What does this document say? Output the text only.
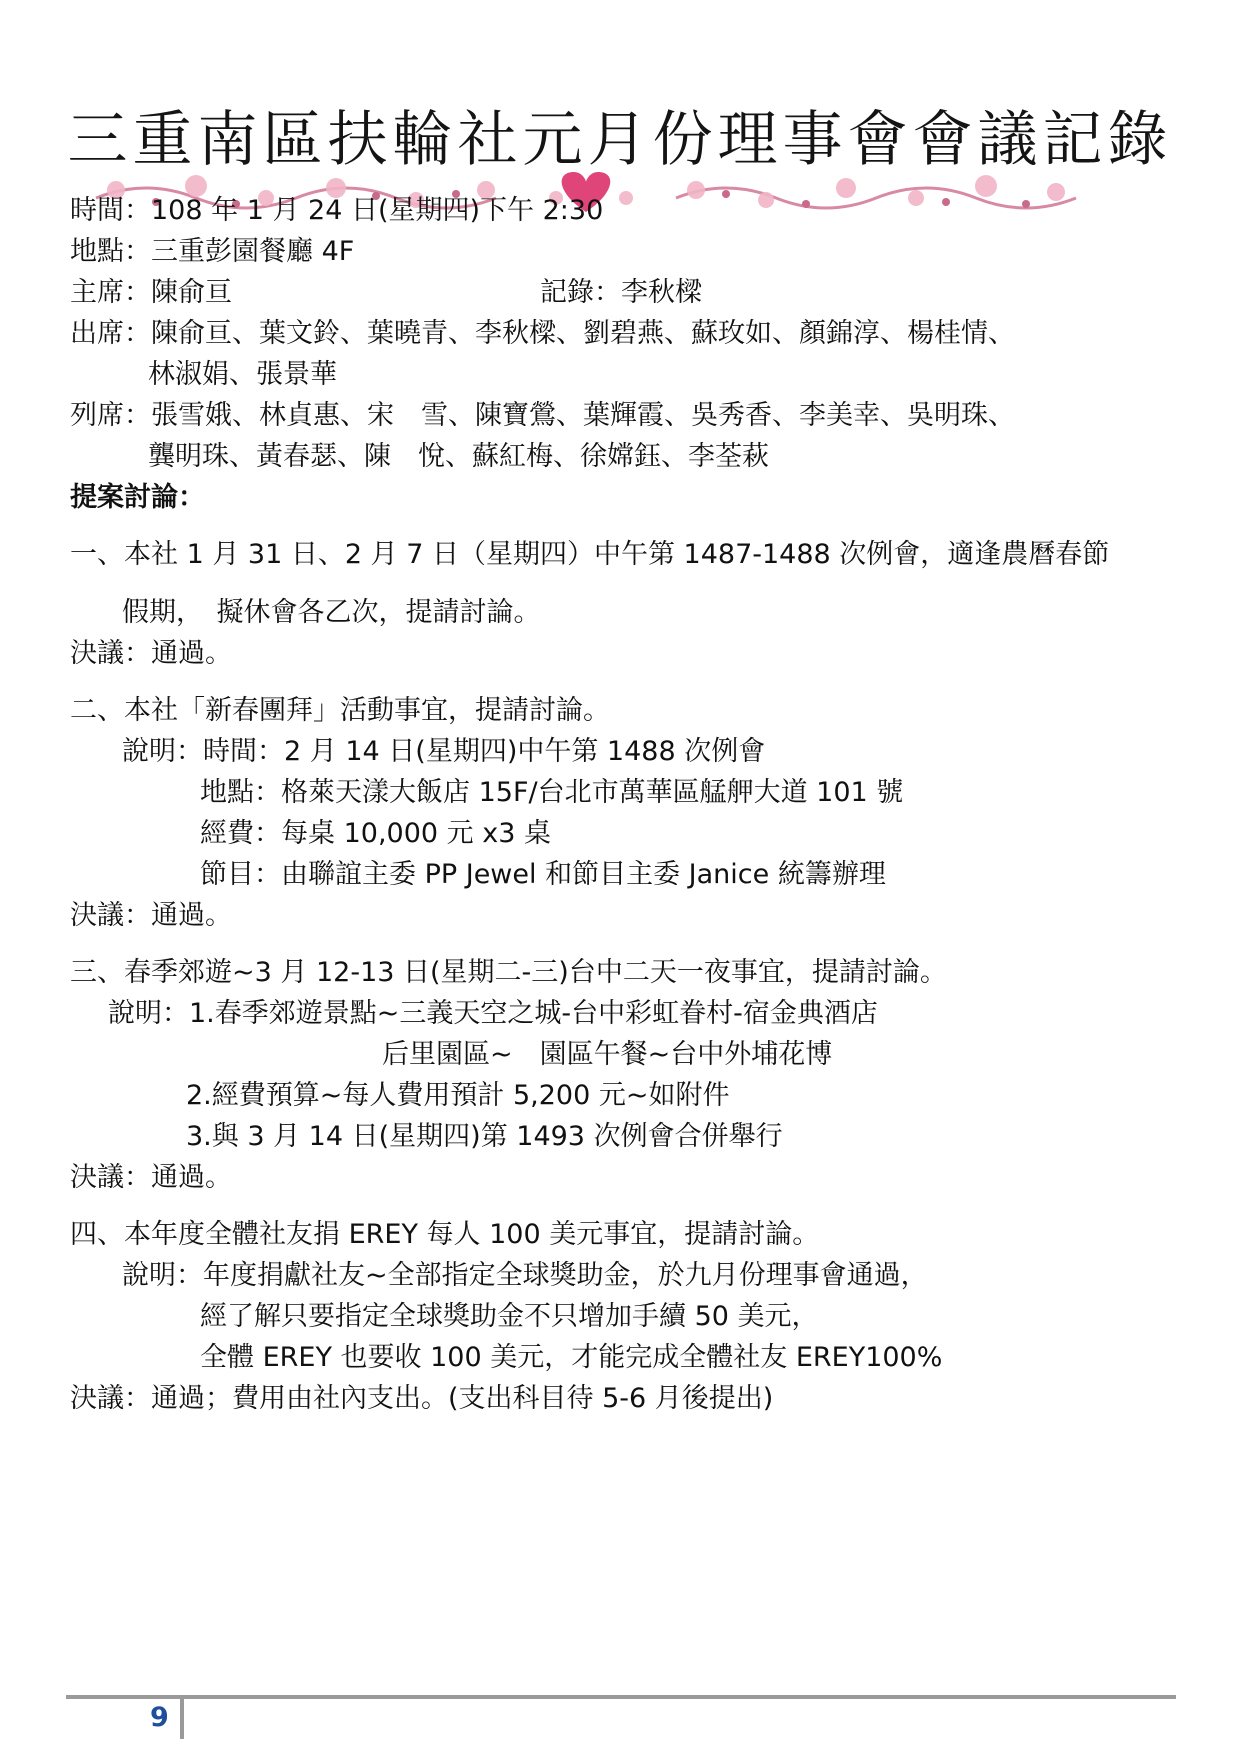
三重南區扶輪社元月份理事會會議記錄
時間：108 年 1 月 24 日(星期四)下午 2:30
地點：三重彭園餐廳 4F
主席：陳俞亘	記錄：李秋樑
出席：陳俞亘、葉文鈴、葉曉青、李秋樑、劉碧燕、蘇玫如、顏錦淳、楊桂情、
林淑娟、張景華
列席：張雪娥、林貞惠、宋　雪、陳寶鶯、葉輝霞、吳秀香、李美幸、吳明珠、
龔明珠、黃春瑟、陳　悅、蘇紅梅、徐嫦鈺、李荃萩
提案討論：
一、本社 1 月 31 日、2 月 7 日（星期四）中午第 1487-1488 次例會，適逢農曆春節
假期，　擬休會各乙次，提請討論。
決議：通過。
二、本社「新春團拜」活動事宜，提請討論。
說明：時間：2 月 14 日(星期四)中午第 1488 次例會
地點：格萊天漾大飯店 15F/台北市萬華區艋舺大道 101 號
經費：每桌 10,000 元 x3 桌
節目：由聯誼主委 PP Jewel 和節目主委 Janice 統籌辦理
決議：通過。
三、春季郊遊~3 月 12-13 日(星期二-三)台中二天一夜事宜，提請討論。
說明：1.春季郊遊景點~三義天空之城-台中彩虹眷村-宿金典酒店
后里園區~　園區午餐~台中外埔花博
2.經費預算~每人費用預計 5,200 元~如附件
3.與 3 月 14 日(星期四)第 1493 次例會合併舉行
決議：通過。
四、本年度全體社友捐 EREY 每人 100 美元事宜，提請討論。
說明：年度捐獻社友~全部指定全球獎助金，於九月份理事會通過，
經了解只要指定全球獎助金不只增加手續 50 美元，
全體 EREY 也要收 100 美元，才能完成全體社友 EREY100%
決議：通過；費用由社內支出。(支出科目待 5-6 月後提出)
9
